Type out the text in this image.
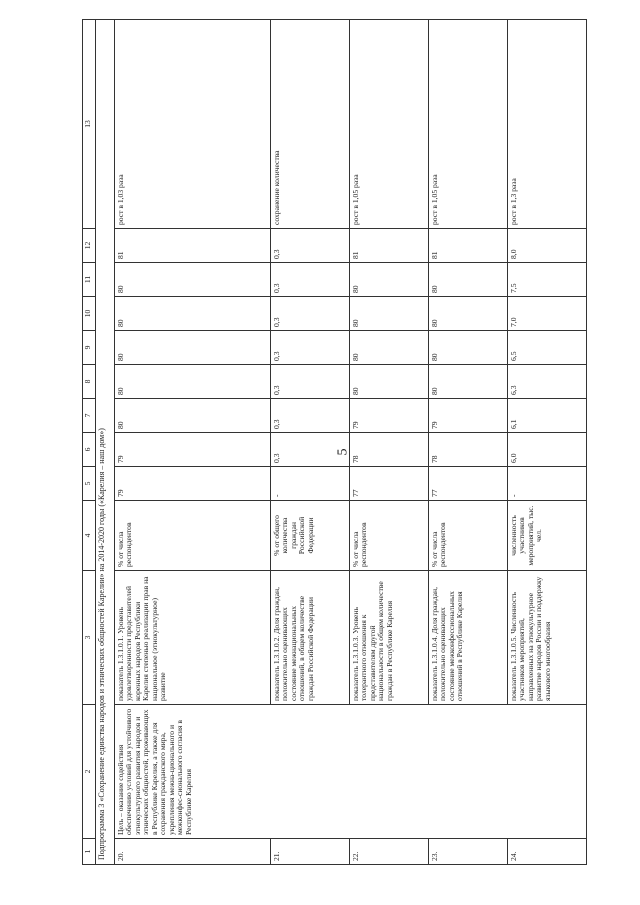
5
1	2	3	4	5	6	7	8	9	10	11	12	13
Подпрограмма 3 «Сохранение единства народов и этнических общностей Карелии» на 2014-2020 годы («Карелия – наш дом»)												
20.	Цель – оказание содействия обеспечению условий для устойчивого этнокультурного развития народов и этнических общностей, проживающих в Республике Карелия, а также для сохранения гражданского мира, укрепления межна-ционального и межконфес-сионального согласия в Республике Карелия	показатель 1.3.1.0.1. Уровень удовлетворенности представителей коренных народов Республики Карелия степенью реализации прав на национальное (этнокультурное) развитие	% от числа респондентов	79	79	80	80	80	80	80	81	рост в 1,03 раза
21.		показатель 1.3.1.0.2. Доля граждан, положительно оценивающих состояние межнациональных отношений, в общем количестве граждан Российской Федерации	% от общего количества граждан Российской Федерации	-	0,3	0,3	0,3	0,3	0,3	0,3	0,3	сохранение количества
22.		показатель 1.3.1.0.3. Уровень толерантного отношения к представителям другой национальности в общем количестве граждан в Республике Карелия	% от числа респондентов	77	78	79	80	80	80	80	81	рост в 1,05 раза
23.		показатель 1.3.1.0.4. Доля граждан, положительно оценивающих состояние межконфессиональных отношений в Республике Карелия	% от числа респондентов	77	78	79	80	80	80	80	81	рост в 1,05 раза
24.		показатель 1.3.1.0.5. Численность участников мероприятий, направленных на этнокультурное развитие народов России и поддержку языкового многообразия	численность участников мероприятий, тыс. чел.	-	6,0	6,1	6,3	6,5	7,0	7,5	8,0	рост в 1,3 раза
